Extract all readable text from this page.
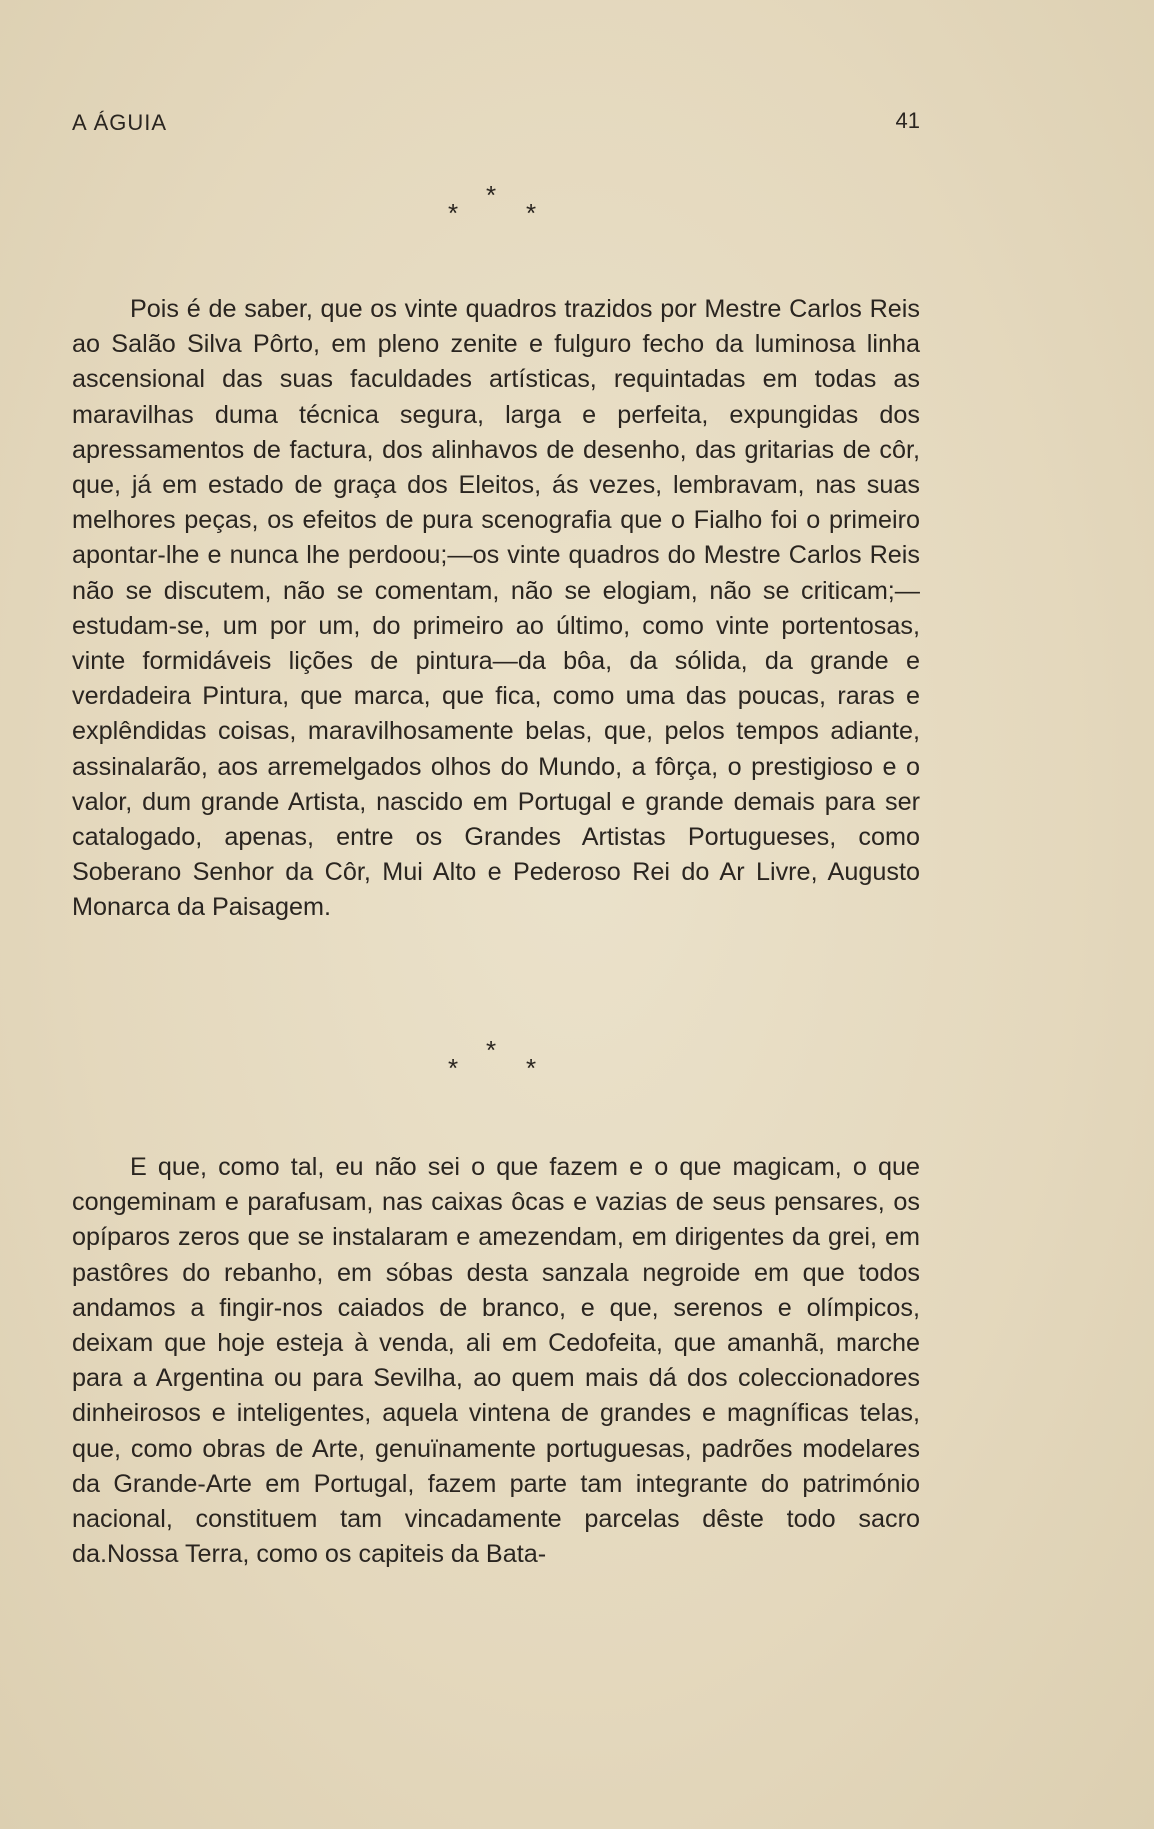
A ÁGUIA	41
*
*	*

Pois é de saber, que os vinte quadros trazidos por Mestre Carlos Reis ao Salão Silva Pôrto, em pleno zenite e fulguro fecho da luminosa linha ascensional das suas faculdades artísticas, requintadas em todas as maravilhas duma técnica segura, larga e perfeita, expungidas dos apressamentos de factura, dos alinhavos de desenho, das gritarias de côr, que, já em estado de graça dos Eleitos, ás vezes, lembravam, nas suas melhores peças, os efeitos de pura scenografia que o Fialho foi o primeiro apontar-lhe e nunca lhe perdoou;—os vinte quadros do Mestre Carlos Reis não se discutem, não se comentam, não se elogiam, não se criticam;—estudam-se, um por um, do primeiro ao último, como vinte portentosas, vinte formidáveis lições de pintura—da bôa, da sólida, da grande e verdadeira Pintura, que marca, que fica, como uma das poucas, raras e explêndidas coisas, maravilhosamente belas, que, pelos tempos adiante, assinalarão, aos arremelgados olhos do Mundo, a fôrça, o prestigioso e o valor, dum grande Artista, nascido em Portugal e grande demais para ser catalogado, apenas, entre os Grandes Artistas Portugueses, como Soberano Senhor da Côr, Mui Alto e Pederoso Rei do Ar Livre, Augusto Monarca da Paisagem.

*
*	*

E que, como tal, eu não sei o que fazem e o que magicam, o que congeminam e parafusam, nas caixas ôcas e vazias de seus pensares, os opíparos zeros que se instalaram e amezendam, em dirigentes da grei, em pastôres do rebanho, em sóbas desta sanzala negroide em que todos andamos a fingir-nos caiados de branco, e que, serenos e olímpicos, deixam que hoje esteja à venda, ali em Cedofeita, que amanhã, marche para a Argentina ou para Sevilha, ao quem mais dá dos coleccionadores dinheirosos e inteligentes, aquela vintena de grandes e magníficas telas, que, como obras de Arte, genuïnamente portuguesas, padrões modelares da Grande-Arte em Portugal, fazem parte tam integrante do património nacional, constituem tam vincadamente parcelas dêste todo sacro da.Nossa Terra, como os capiteis da Bata-
